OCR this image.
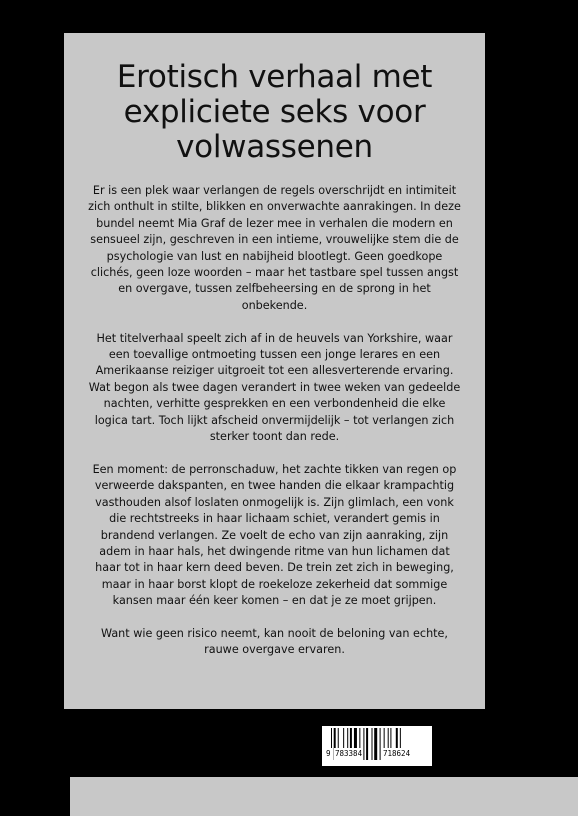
Erotisch verhaal met
expliciete seks voor
volwassenen

Er is een plek waar verlangen de regels overschrijdt en intimiteit zich onthult in stilte, blikken en onverwachte aanrakingen. In deze bundel neemt Mia Graf de lezer mee in verhalen die modern en sensueel zijn, geschreven in een intieme, vrouwelijke stem die de psychologie van lust en nabijheid blootlegt. Geen goedkope clichés, geen loze woorden – maar het tastbare spel tussen angst en overgave, tussen zelfbeheersing en de sprong in het onbekende.

Het titelverhaal speelt zich af in de heuvels van Yorkshire, waar een toevallige ontmoeting tussen een jonge lerares en een Amerikaanse reiziger uitgroeit tot een allesverterende ervaring. Wat begon als twee dagen verandert in twee weken van gedeelde nachten, verhitte gesprekken en een verbondenheid die elke logica tart. Toch lijkt afscheid onvermijdelijk – tot verlangen zich sterker toont dan rede.

Een moment: de perronschaduw, het zachte tikken van regen op verweerde dakspanten, en twee handen die elkaar krampachtig vasthouden alsof loslaten onmogelijk is. Zijn glimlach, een vonk die rechtstreeks in haar lichaam schiet, verandert gemis in brandend verlangen. Ze voelt de echo van zijn aanraking, zijn adem in haar hals, het dwingende ritme van hun lichamen dat haar tot in haar kern deed beven. De trein zet zich in beweging, maar in haar borst klopt de roekeloze zekerheid dat sommige kansen maar één keer komen – en dat je ze moet grijpen.

Want wie geen risico neemt, kan nooit de beloning van echte, rauwe overgave ervaren.

9 783384	718624
